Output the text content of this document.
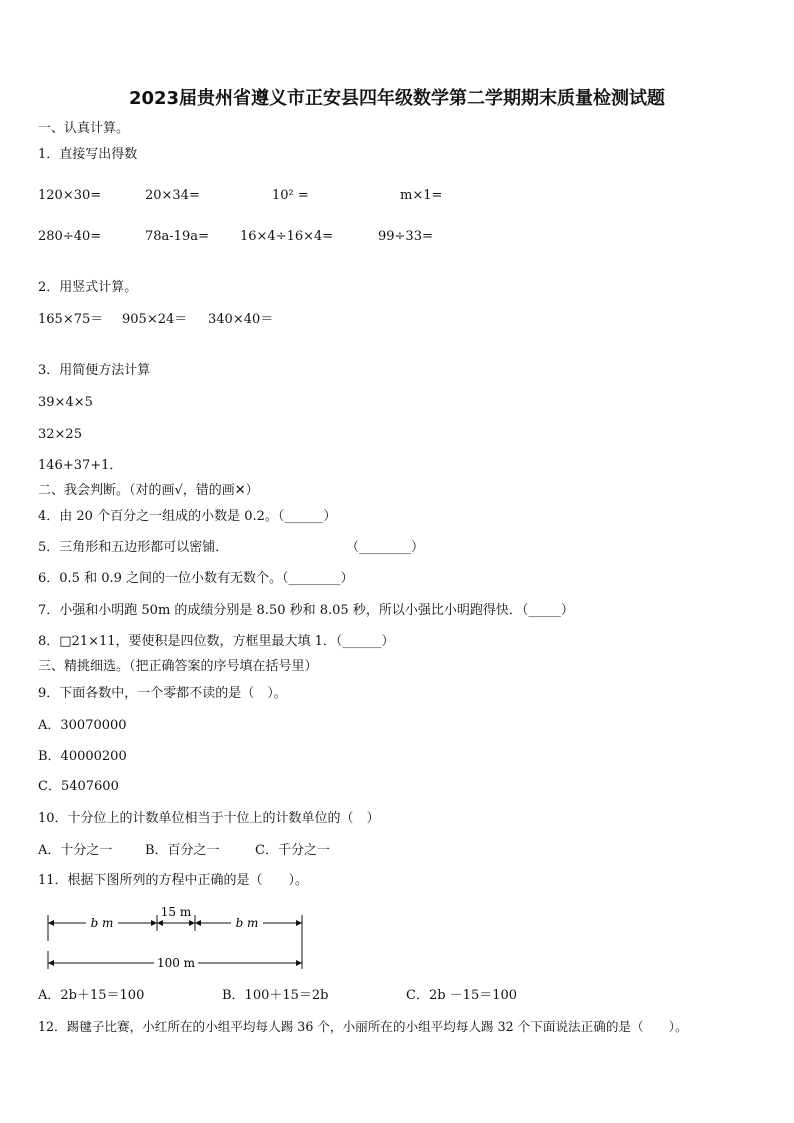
2023届贵州省遵义市正安县四年级数学第二学期期末质量检测试题
一、认真计算。
1．直接写出得数
120×30=	20×34=	10² =	m×1=
280÷40=	78a-19a= 16×4÷16×4=	99÷33=
2．用竖式计算。
165×75＝ 905×24＝ 340×40＝
3．用简便方法计算
39×4×5
32×25
146+37+1．
二、我会判断。（对的画√，错的画✕）
4．由 20 个百分之一组成的小数是 0.2。（______）
5．三角形和五边形都可以密铺．	（________）
6．0.5 和 0.9 之间的一位小数有无数个。（________）
7．小强和小明跑 50m 的成绩分别是 8.50 秒和 8.05 秒，所以小强比小明跑得快．（_____）
8．□21×11，要使积是四位数，方框里最大填 1．（______）
三、精挑细选。（把正确答案的序号填在括号里）
9．下面各数中，一个零都不读的是（　）。
A．30070000
B．40000200
C．5407600
10．十分位上的计数单位相当于十位上的计数单位的（　）
A．十分之一	B．百分之一	C．千分之一
11．根据下图所列的方程中正确的是（　　）。
b m
15 m
b m
100 m
A．2b＋15＝100	B．100＋15＝2b	C．2b －15＝100
12．踢毽子比赛，小红所在的小组平均每人踢 36 个，小丽所在的小组平均每人踢 32 个下面说法正确的是（　　）。
